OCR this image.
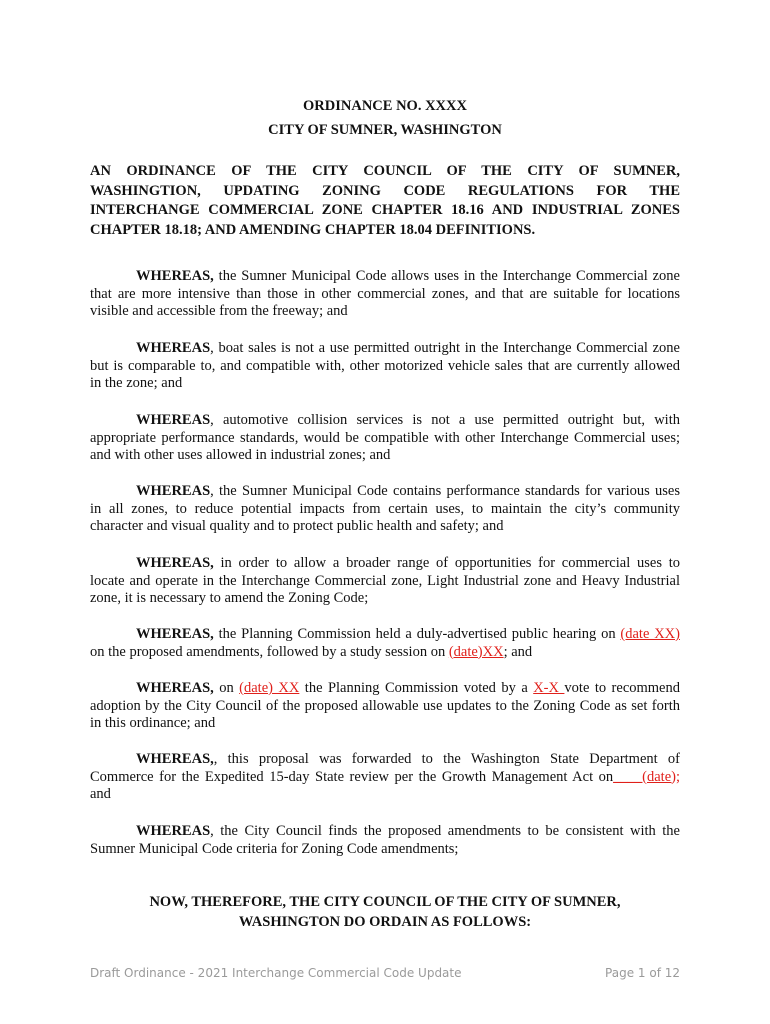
ORDINANCE NO. XXXX
CITY OF SUMNER, WASHINGTON
AN ORDINANCE OF THE CITY COUNCIL OF THE CITY OF SUMNER,
WASHINGTION, UPDATING ZONING CODE REGULATIONS FOR THE
INTERCHANGE COMMERCIAL ZONE CHAPTER 18.16 AND INDUSTRIAL ZONES
CHAPTER 18.18; AND AMENDING CHAPTER 18.04 DEFINITIONS.
WHEREAS, the Sumner Municipal Code allows uses in the Interchange Commercial zone
that are more intensive than those in other commercial zones, and that are suitable for locations
visible and accessible from the freeway; and
WHEREAS, boat sales is not a use permitted outright in the Interchange Commercial zone
but is comparable to, and compatible with, other motorized vehicle sales that are currently allowed
in the zone; and
WHEREAS, automotive collision services is not a use permitted outright but, with
appropriate performance standards, would be compatible with other Interchange Commercial uses;
and with other uses allowed in industrial zones; and
WHEREAS, the Sumner Municipal Code contains performance standards for various uses
in all zones, to reduce potential impacts from certain uses, to maintain the city’s community
character and visual quality and to protect public health and safety; and
WHEREAS, in order to allow a broader range of opportunities for commercial uses to
locate and operate in the Interchange Commercial zone, Light Industrial zone and Heavy Industrial
zone, it is necessary to amend the Zoning Code;
WHEREAS, the Planning Commission held a duly-advertised public hearing on (date XX)
on the proposed amendments, followed by a study session on (date)XX; and
WHEREAS, on (date) XX the Planning Commission voted by a X-X vote to recommend
adoption by the City Council of the proposed allowable use updates to the Zoning Code as set forth
in this ordinance; and
WHEREAS,, this proposal was forwarded to the Washington State Department of
Commerce for the Expedited 15-day State review per the Growth Management Act on____(date);
and
WHEREAS, the City Council finds the proposed amendments to be consistent with the
Sumner Municipal Code criteria for Zoning Code amendments;
NOW, THEREFORE, THE CITY COUNCIL OF THE CITY OF SUMNER,
WASHINGTON DO ORDAIN AS FOLLOWS:
Draft Ordinance - 2021 Interchange Commercial Code Update	Page 1 of 12
